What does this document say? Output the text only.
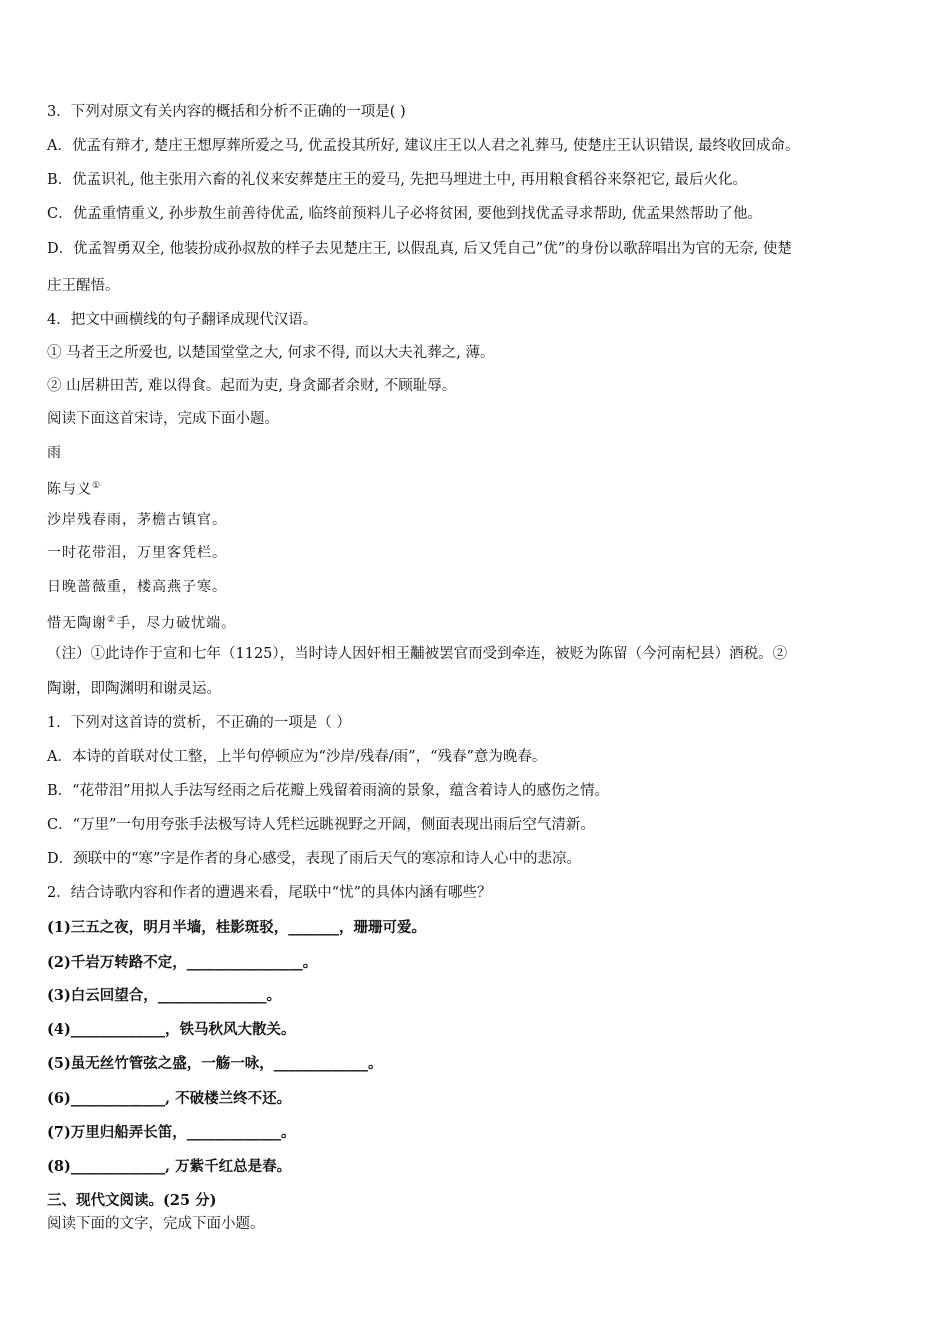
3．下列对原文有关内容的概括和分析不正确的一项是( )
A．优孟有辩才, 楚庄王想厚葬所爱之马, 优孟投其所好, 建议庄王以人君之礼葬马, 使楚庄王认识错误, 最终收回成命。
B．优孟识礼, 他主张用六畜的礼仪来安葬楚庄王的爱马, 先把马埋进土中, 再用粮食稻谷来祭祀它, 最后火化。
C．优孟重情重义, 孙步敖生前善待优孟, 临终前预料儿子必将贫困, 要他到找优孟寻求帮助, 优孟果然帮助了他。
D．优孟智勇双全, 他装扮成孙叔敖的样子去见楚庄王, 以假乱真, 后又凭自己”优”的身份以歌辞唱出为官的无奈, 使楚
庄王醒悟。
4．把文中画横线的句子翻译成现代汉语。
① 马者王之所爱也, 以楚国堂堂之大, 何求不得, 而以大夫礼葬之, 薄。
② 山居耕田苦, 难以得食。起而为吏, 身贪鄙者余财, 不顾耻辱。
阅读下面这首宋诗，完成下面小题。
雨
陈与义①
沙岸残春雨，茅檐古镇官。
一时花带泪，万里客凭栏。
日晚蔷薇重，楼高燕子寒。
惜无陶谢②手，尽力破忧端。
（注）①此诗作于宣和七年（1125），当时诗人因奸相王黼被罢官而受到牵连，被贬为陈留（今河南杞县）酒税。②
陶谢，即陶渊明和谢灵运。
1．下列对这首诗的赏析，不正确的一项是（ ）
A．本诗的首联对仗工整，上半句停顿应为“沙岸/残春/雨”，“残春”意为晚春。
B．“花带泪”用拟人手法写经雨之后花瓣上残留着雨滴的景象，蕴含着诗人的感伤之情。
C．“万里”一句用夸张手法极写诗人凭栏远眺视野之开阔，侧面表现出雨后空气清新。
D．颈联中的“寒”字是作者的身心感受，表现了雨后天气的寒凉和诗人心中的悲凉。
2．结合诗歌内容和作者的遭遇来看，尾联中“忧”的具体内涵有哪些？
(1)三五之夜，明月半墙，桂影斑驳，_______，珊珊可爱。
(2)千岩万转路不定，________________。
(3)白云回望合，_______________。
(4)_____________，铁马秋风大散关。
(5)虽无丝竹管弦之盛，一觞一咏，_____________。
(6)_____________, 不破楼兰终不还。
(7)万里归船弄长笛，_____________。
(8)_____________, 万紫千红总是春。
三、现代文阅读。(25 分)
阅读下面的文字，完成下面小题。
